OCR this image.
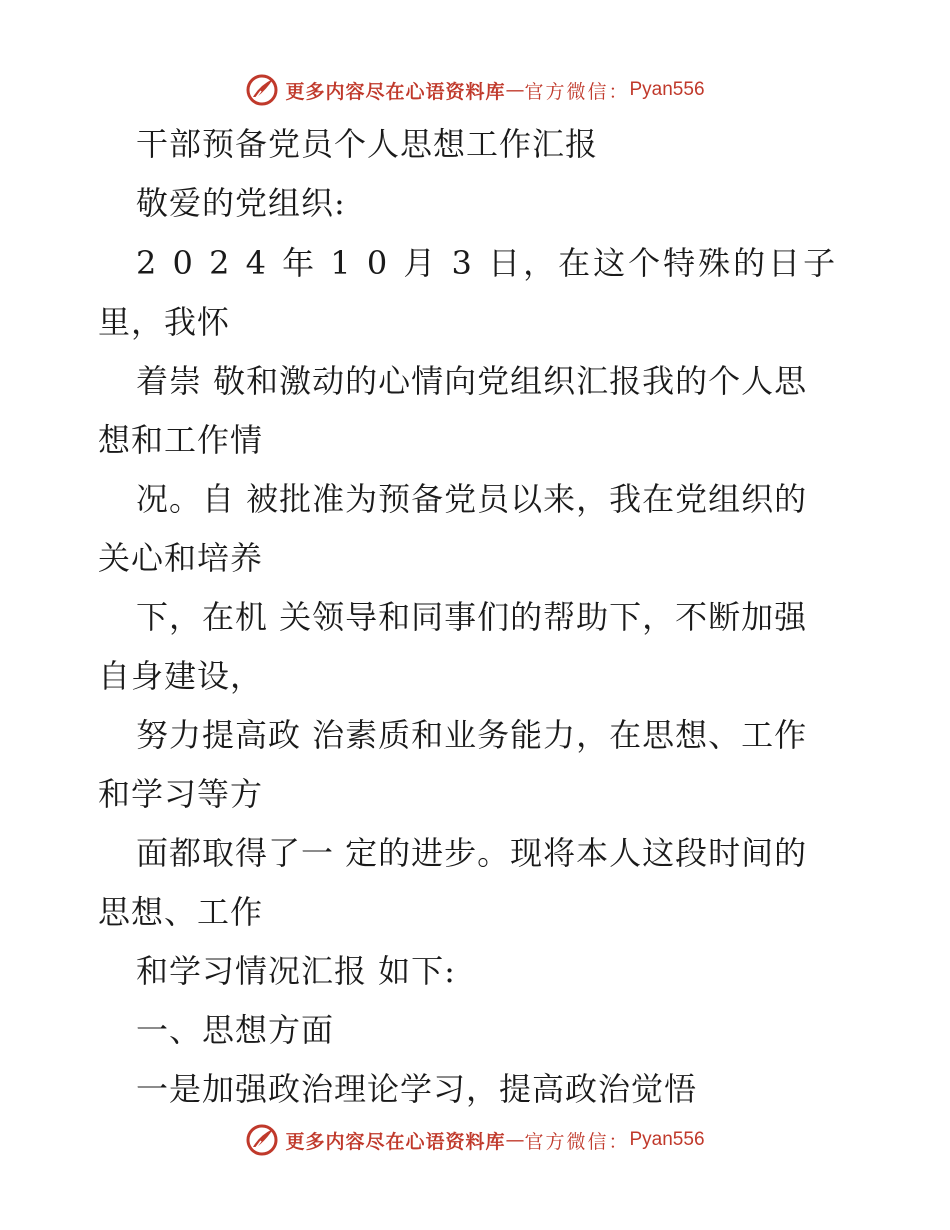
更多内容尽在心语资料库 — 官方微信： Pyan556
干部预备党员个人思想工作汇报
敬爱的党组织:
2 0 2 4 年 1 0 月 3 日，在这个特殊的日子
里，我怀
着崇 敬和激动的心情向党组织汇报我的个人思
想和工作情
况。自 被批准为预备党员以来，我在党组织的
关心和培养
下，在机 关领导和同事们的帮助下，不断加强
自身建设，
努力提高政 治素质和业务能力，在思想、工作
和学习等方
面都取得了一 定的进步。现将本人这段时间的
思想、工作
和学习情况汇报 如下:
一、思想方面
一是加强政治理论学习，提高政治觉悟
更多内容尽在心语资料库 — 官方微信： Pyan556
